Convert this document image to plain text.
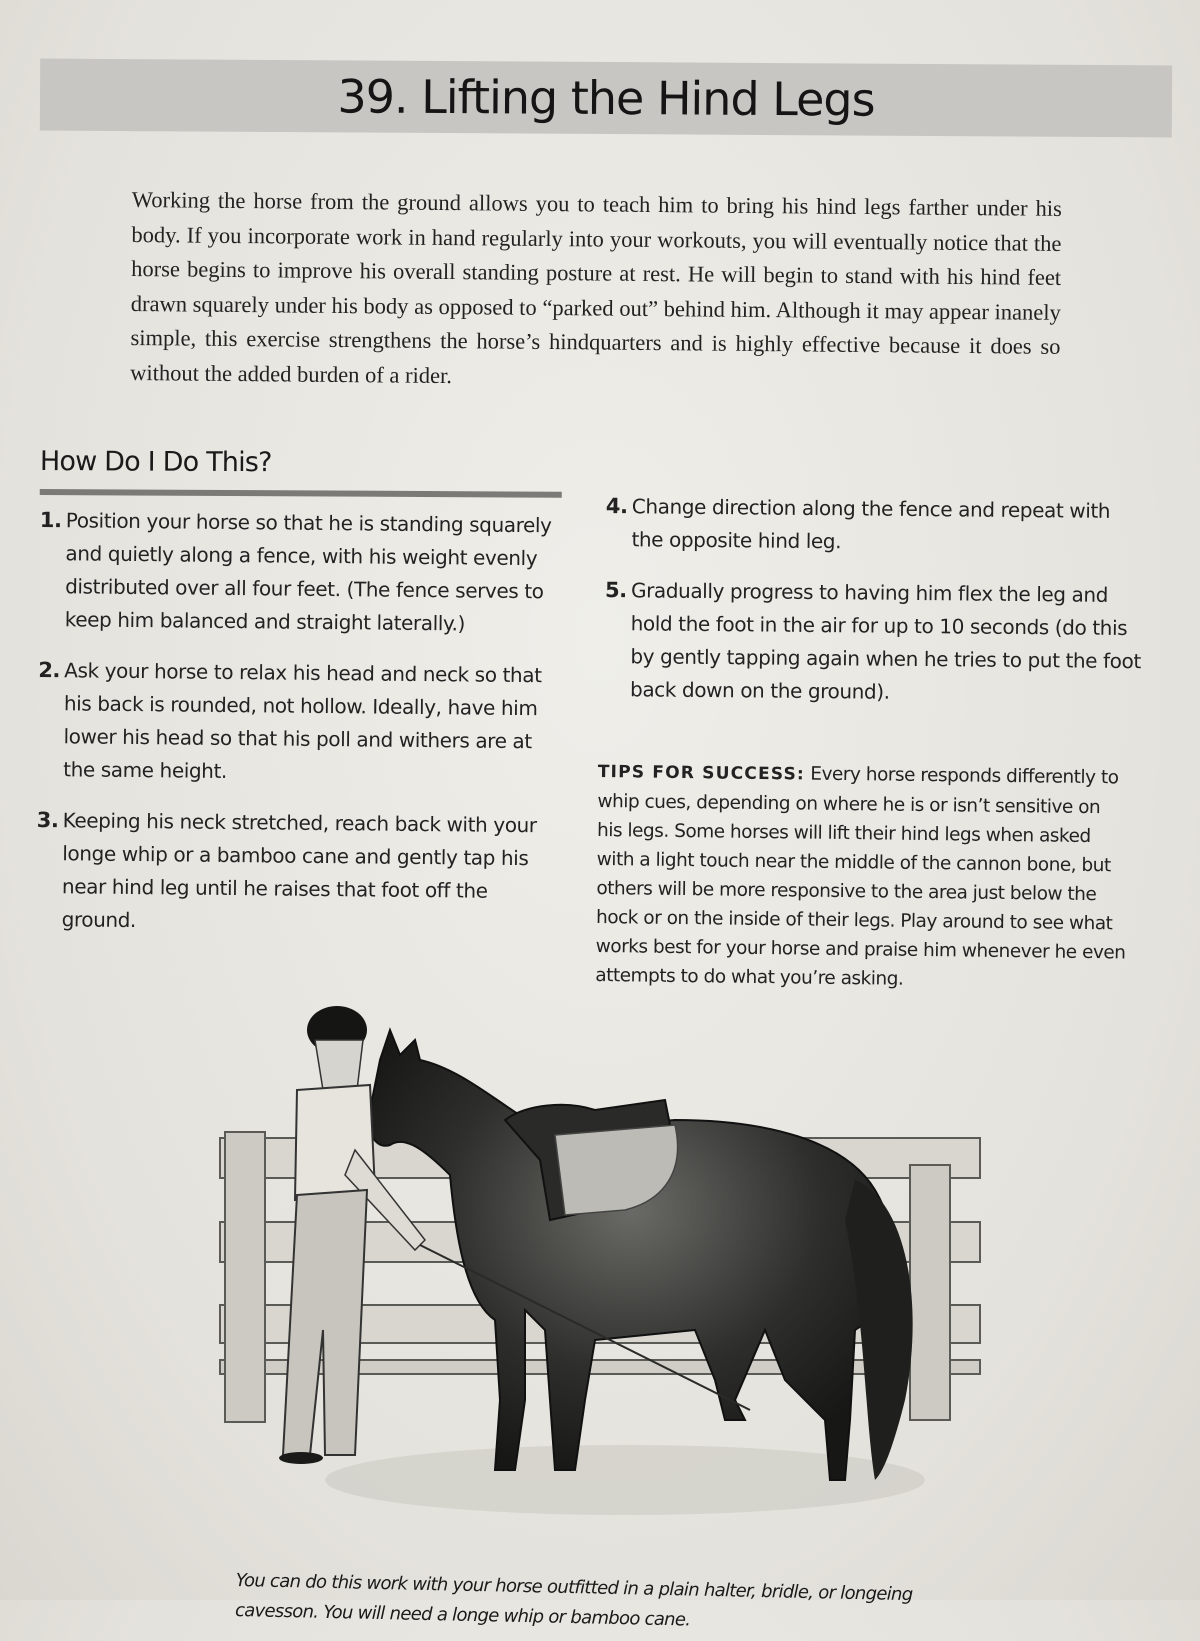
39. Lifting the Hind Legs

Working the horse from the ground allows you to teach him to bring his hind legs farther under his body. If you incorporate work in hand regularly into your workouts, you will eventually notice that the horse begins to improve his overall standing posture at rest. He will begin to stand with his hind feet drawn squarely under his body as opposed to “parked out” behind him. Although it may appear inanely simple, this exercise strengthens the horse’s hindquarters and is highly effective because it does so without the added burden of a rider.

How Do I Do This?
1. Position your horse so that he is standing squarely and quietly along a fence, with his weight evenly distributed over all four feet. (The fence serves to keep him balanced and straight laterally.)
2. Ask your horse to relax his head and neck so that his back is rounded, not hollow. Ideally, have him lower his head so that his poll and withers are at the same height.
3. Keeping his neck stretched, reach back with your longe whip or a bamboo cane and gently tap his near hind leg until he raises that foot off the ground.
4. Change direction along the fence and repeat with the opposite hind leg.
5. Gradually progress to having him flex the leg and hold the foot in the air for up to 10 seconds (do this by gently tapping again when he tries to put the foot back down on the ground).

TIPS FOR SUCCESS: Every horse responds differently to whip cues, depending on where he is or isn’t sensitive on his legs. Some horses will lift their hind legs when asked with a light touch near the middle of the cannon bone, but others will be more responsive to the area just below the hock or on the inside of their legs. Play around to see what works best for your horse and praise him whenever he even attempts to do what you’re asking.

You can do this work with your horse outfitted in a plain halter, bridle, or longeing cavesson. You will need a longe whip or bamboo cane.
